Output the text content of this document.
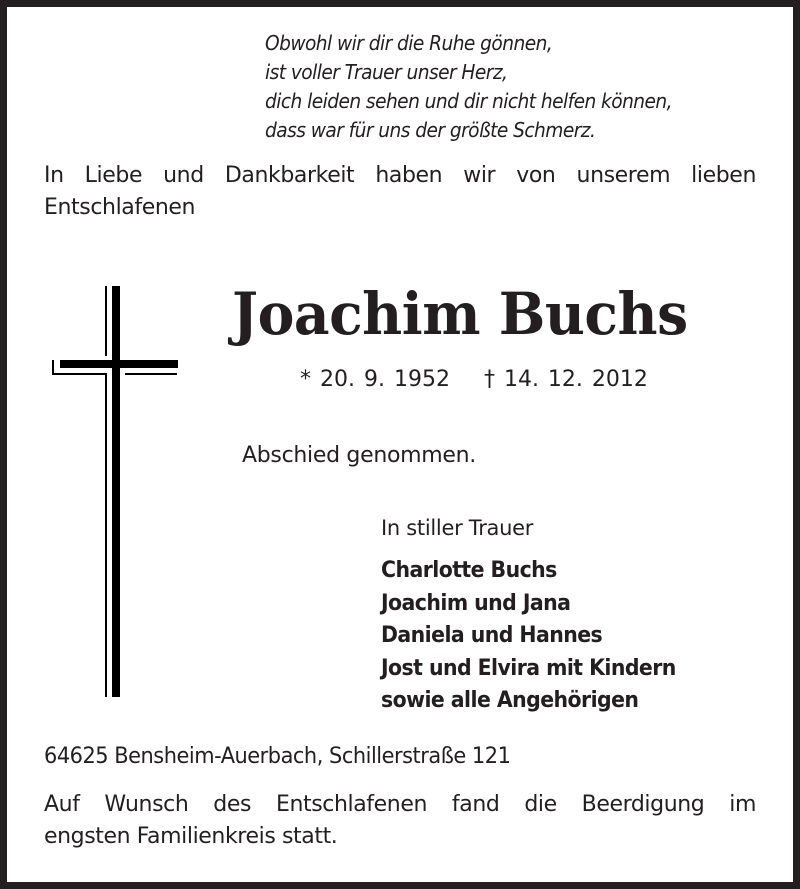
Obwohl wir dir die Ruhe gönnen,
ist voller Trauer unser Herz,
dich leiden sehen und dir nicht helfen können,
dass war für uns der größte Schmerz.
In Liebe und Dankbarkeit haben wir von unserem lieben
Entschlafenen
Joachim Buchs
* 20. 9. 1952 † 14. 12. 2012
Abschied genommen.
In stiller Trauer
Charlotte Buchs
Joachim und Jana
Daniela und Hannes
Jost und Elvira mit Kindern
sowie alle Angehörigen
64625 Bensheim-Auerbach, Schillerstraße 121
Auf Wunsch des Entschlafenen fand die Beerdigung im
engsten Familienkreis statt.
